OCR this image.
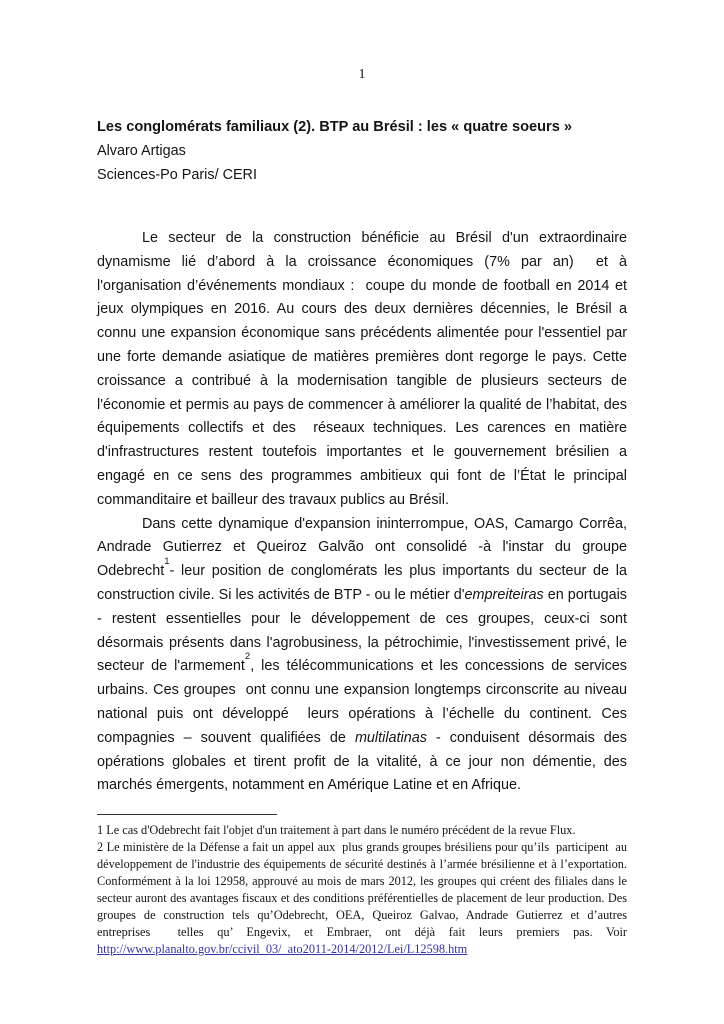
1

Les conglomérats familiaux (2). BTP au Brésil : les « quatre soeurs »

Alvaro Artigas

Sciences-Po Paris/ CERI

Le secteur de la construction bénéficie au Brésil d'un extraordinaire dynamisme lié d’abord à la croissance économiques (7% par an)  et à l'organisation d’événements mondiaux :  coupe du monde de football en 2014 et jeux olympiques en 2016. Au cours des deux dernières décennies, le Brésil a connu une expansion économique sans précédents alimentée pour l'essentiel par une forte demande asiatique de matières premières dont regorge le pays. Cette croissance a contribué à la modernisation tangible de plusieurs secteurs de l'économie et permis au pays de commencer à améliorer la qualité de l’habitat, des équipements collectifs et des  réseaux techniques. Les carences en matière d'infrastructures restent toutefois importantes et le gouvernement brésilien a engagé en ce sens des programmes ambitieux qui font de l’État le principal commanditaire et bailleur des travaux publics au Brésil.

Dans cette dynamique d'expansion ininterrompue, OAS, Camargo Corrêa, Andrade Gutierrez et Queiroz Galvão ont consolidé -à l'instar du groupe Odebrecht$^1$- leur position de conglomérats les plus importants du secteur de la construction civile. Si les activités de BTP - ou le métier d'empreiteiras en portugais - restent essentielles pour le développement de ces groupes, ceux-ci sont désormais présents dans l'agrobusiness, la pétrochimie, l'investissement privé, le secteur de l'armement$^2$, les télécommunications et les concessions de services urbains. Ces groupes  ont connu une expansion longtemps circonscrite au niveau national puis ont développé  leurs opérations à l’échelle du continent. Ces compagnies – souvent qualifiées de multilatinas - conduisent désormais des opérations globales et tirent profit de la vitalité, à ce jour non démentie, des marchés émergents, notamment en Amérique Latine et en Afrique.

1 Le cas d'Odebrecht fait l'objet d'un traitement à part dans le numéro précédent de la revue Flux.

2 Le ministère de la Défense a fait un appel aux  plus grands groupes brésiliens pour qu’ils  participent  au développement de l'industrie des équipements de sécurité destinés à l’armée brésilienne et à l’exportation. Conformément à la loi 12958, approuvé au mois de mars 2012, les groupes qui créent des filiales dans le secteur auront des avantages fiscaux et des conditions préférentielles de placement de leur production. Des groupes de construction tels qu’Odebrecht, OEA, Queiroz Galvao, Andrade Gutierrez et d’autres entreprises  telles qu’ Engevix, et Embraer, ont déjà fait leurs premiers pas. Voir http://www.planalto.gov.br/ccivil_03/_ato2011-2014/2012/Lei/L12598.htm
